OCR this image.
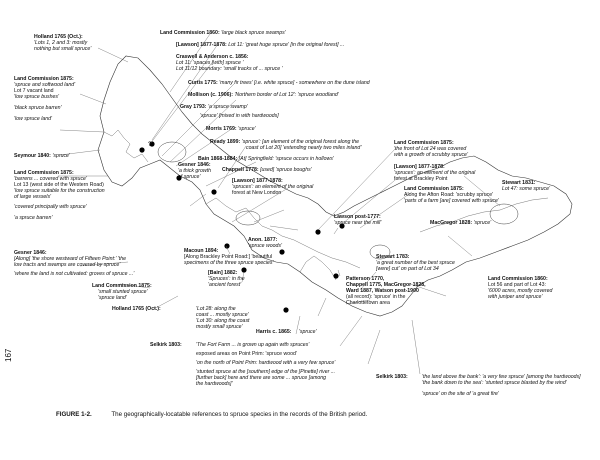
?
Holland 1765 (Oct.):
'Lots 1, 2 and 3: mostly
nothing but small spruce'
Land Commission 1875:
'spruce and softwood land'
Lot 7 vacant land
'low spruce bushes'
'black spruce barren'
'low spruce land'
Seymour 1840: 'spruce'
Land Commission 1875:
'barrens ... covered with spruce'
Lot 13 (west side of the Western Road)
'low spruce suitable for the construction
of large vessels'
'covered principally with spruce'
'a spruce barren'
Gesner 1846:
[Along] 'the shore westward of Fifteen Point:' 'the
low tracts and swamps are covered by spruce'
'where the land is not cultivated: groves of spruce ...'
Land Commission 1875:
'small stunted spruce'
'spruce land'
Holland 1765 (Oct.):	'Lot 28: along the
coast ... mostly spruce'
'Lot 30: along the coast
mostly small spruce'
Selkirk 1803:	'The Fort Farm ... is grown up again with spruces'
exposed areas on Point Prim: 'spruce wood'
'on the north of Point Prim: hardwood with a very few spruce'
'stunted spruce at the [southern] edge of the [Pinette] river ...
[further back] here and there are some ... spruce [among
the hardwoods]'
Land Commission 1860: 'large black spruce swamps'
[Lawson] 1877-1878: Lot 11: 'great huge spruce' [in the original forest] ...
Craswell & Anderson c. 1856:
Lot 11: 'spaces [with] spruce '
Lot 11/12 boundary: 'small tracks of ... spruce '
Curtis 1775: 'many fir trees' [i.e. white spruce] - somewhere on the dune island
Mollison (c. 1906): 'Northern border of Lot 12': 'spruce woodland'
Gray 1793: 'a spruce swamp'
'spruce' [mixed in with hardwoods]
Morris 1769: 'spruce'
Ready 1899: 'spruce': [an element of the original forest along the
coast of Lot 20] 'extending nearly two miles inland'
Bain 1868-1884: [At] Springfield: 'spruce occurs in hollows'
Gesner 1846:
'a thick growth
of spruce'
Chappell 1778: [used] 'spruce boughs'
[Lawson] 1877-1878:
'spruces': an element of the original
forest at New London
Land Commission 1875:
'the front of Lot 24 was covered
with a growth of scrubby spruce'
[Lawson] 1877-1878:
'spruces': an element of the original
forest at Brackley Point
Land Commission 1875:
Along the Afton Road: 'scrubby spruce'
'parts of a farm [are] covered with spruce'
Stewart 1831:
Lot 47: some spruce'
MacGregor 1828: 'spruce'
Lawson post-1777:
'spruce near the mill'
Anon. 1877:
'spruce woods'
Macoun 1894:
[Along Brackley Point Road:] 'beautiful
specimens of the three spruce species'
[Bain] 1882:
'Spruces': in the
'ancient forest'
Stewart 1783:
'a great number of the best spruce
[were] cut' on part of Lot 34
Patterson 1770,
Chappell 1775, MacGregor 1828,
Ward 1887, Watson post-1900
(all record): 'spruce' in the
Charlottetown area
Harris c. 1865: 'spruce'
Land Commission 1860:
Lot 56 and part of Lot 43:
'6000 acres, mostly covered
with juniper and spruce'
Selkirk 1803:	'the land above the bank': 'a very few spruce' [among the hardwoods]
'the bank down to the sea': 'stunted spruce blasted by the wind'
'spruce' on the site of 'a great fire'
167
FIGURE 1-2.	The geographically-locatable references to spruce species in the records of the British period.
